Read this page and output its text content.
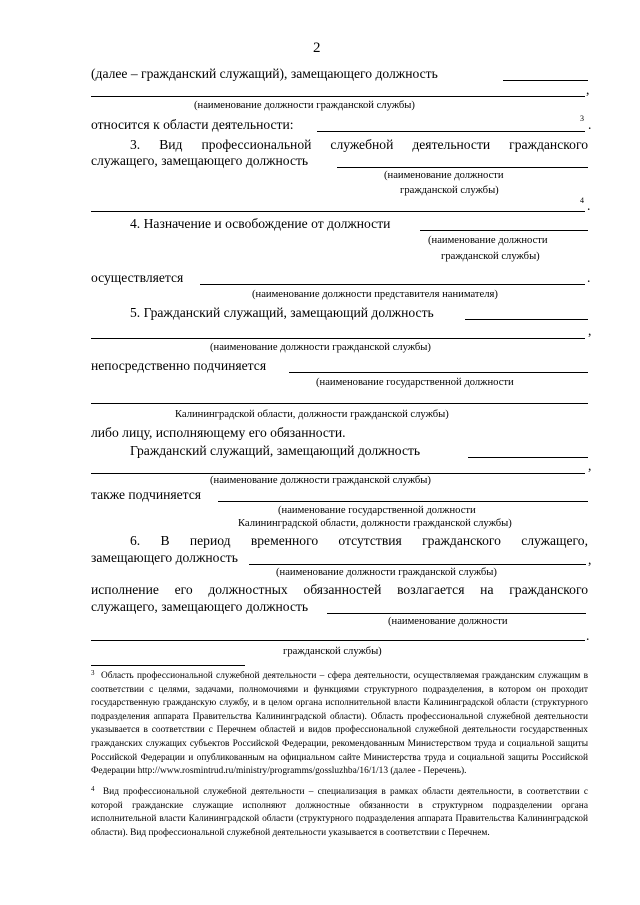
2
(далее – гражданский служащий), замещающего должность
,
(наименование должности гражданской службы)
относится к области деятельности:	3 .
3. Вид профессиональной служебной деятельности гражданского
служащего, замещающего должность
(наименование должности
гражданской службы)
4 .
4. Назначение и освобождение от должности
(наименование должности
гражданской службы)
осуществляется	.
(наименование должности представителя нанимателя)
5. Гражданский служащий, замещающий должность
,
(наименование должности гражданской службы)
непосредственно подчиняется
(наименование государственной должности
Калининградской области, должности гражданской службы)
либо лицу, исполняющему его обязанности.
Гражданский служащий, замещающий должность
,
(наименование должности гражданской службы)
также подчиняется
(наименование государственной должности
Калининградской области, должности гражданской службы)
6. В период временного отсутствия гражданского служащего,
замещающего должность	,
(наименование должности гражданской службы)
исполнение его должностных обязанностей возлагается на гражданского
служащего, замещающего должность
(наименование должности
.
гражданской службы)

$^3$ Область профессиональной служебной деятельности – сфера деятельности, осуществляемая гражданским служащим в соответствии с целями, задачами, полномочиями и функциями структурного подразделения, в котором он проходит государственную гражданскую службу, и в целом органа исполнительной власти Калининградской области (структурного подразделения аппарата Правительства Калининградской области). Область профессиональной служебной деятельности указывается в соответствии с Перечнем областей и видов профессиональной служебной деятельности государственных гражданских служащих субъектов Российской Федерации, рекомендованным Министерством труда и социальной защиты Российской Федерации и опубликованным на официальном сайте Министерства труда и социальной защиты Российской Федерации http://www.rosmintrud.ru/ministry/programms/gossluzhba/16/1/13 (далее - Перечень).

$^4$ Вид профессиональной служебной деятельности – специализация в рамках области деятельности, в соответствии с которой гражданские служащие исполняют должностные обязанности в структурном подразделении органа исполнительной власти Калининградской области (структурного подразделения аппарата Правительства Калининградской области). Вид профессиональной служебной деятельности указывается в соответствии с Перечнем.
